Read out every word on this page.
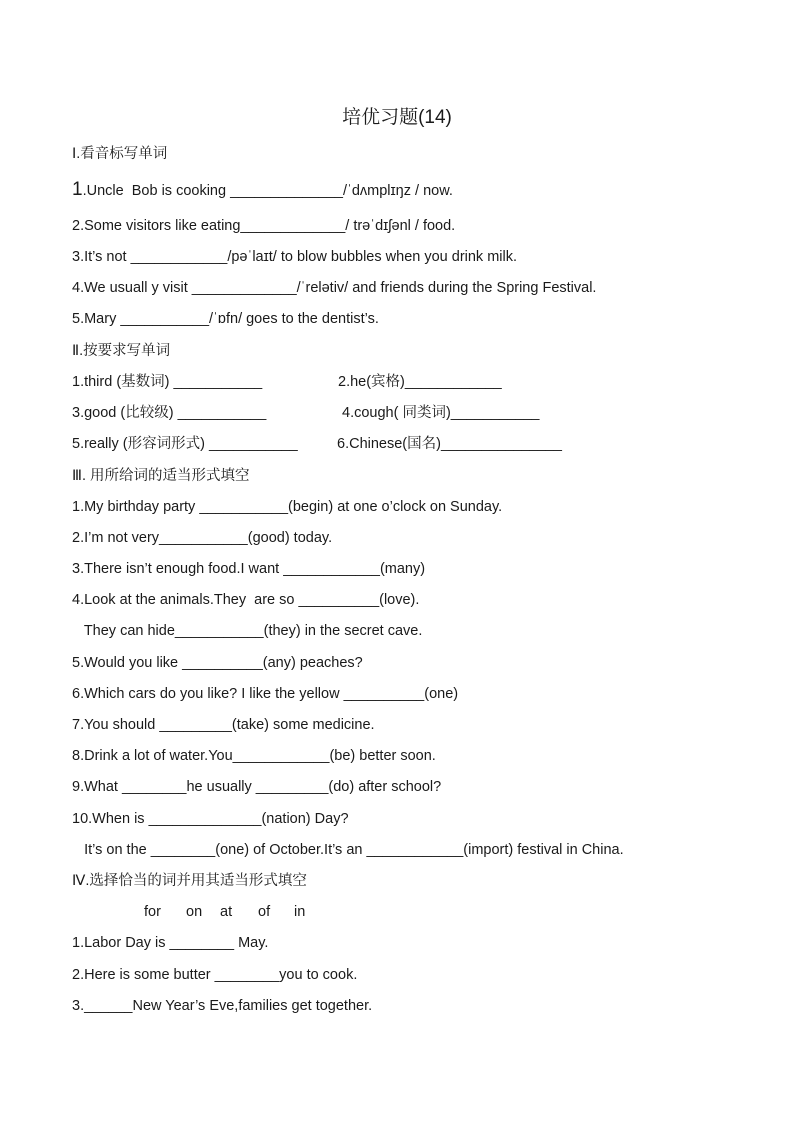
培优习题(14)
Ⅰ.看音标写单词
1.Uncle  Bob is cooking ______________/ˈdʌmplɪŋz / now.
2.Some visitors like eating_____________/ trəˈdɪʃənl / food.
3.It’s not ____________/pəˈlaɪt/ to blow bubbles when you drink milk.
4.We usuall y visit _____________/ˈrelətiv/ and friends during the Spring Festival.
5.Mary ___________/ˈɒfn/ goes to the dentist’s.
Ⅱ.按要求写单词
1.third (基数词) ___________	2.he(宾格)____________
3.good (比较级) ___________	4.cough( 同类词)___________
5.really (形容词形式) ___________	6.Chinese(国名)_______________
Ⅲ. 用所给词的适当形式填空
1.My birthday party ___________(begin) at one o’clock on Sunday.
2.I’m not very___________(good) today.
3.There isn’t enough food.I want ____________(many)
4.Look at the animals.They  are so __________(love).
They can hide___________(they) in the secret cave.
5.Would you like __________(any) peaches?
6.Which cars do you like? I like the yellow __________(one)
7.You should _________(take) some medicine.
8.Drink a lot of water.You____________(be) better soon.
9.What ________he usually _________(do) after school?
10.When is ______________(nation) Day?
It’s on the ________(one) of October.It’s an ____________(import) festival in China.
Ⅳ.选择恰当的词并用其适当形式填空
for on at of in
1.Labor Day is ________ May.
2.Here is some butter ________you to cook.
3.______New Year’s Eve,families get together.
